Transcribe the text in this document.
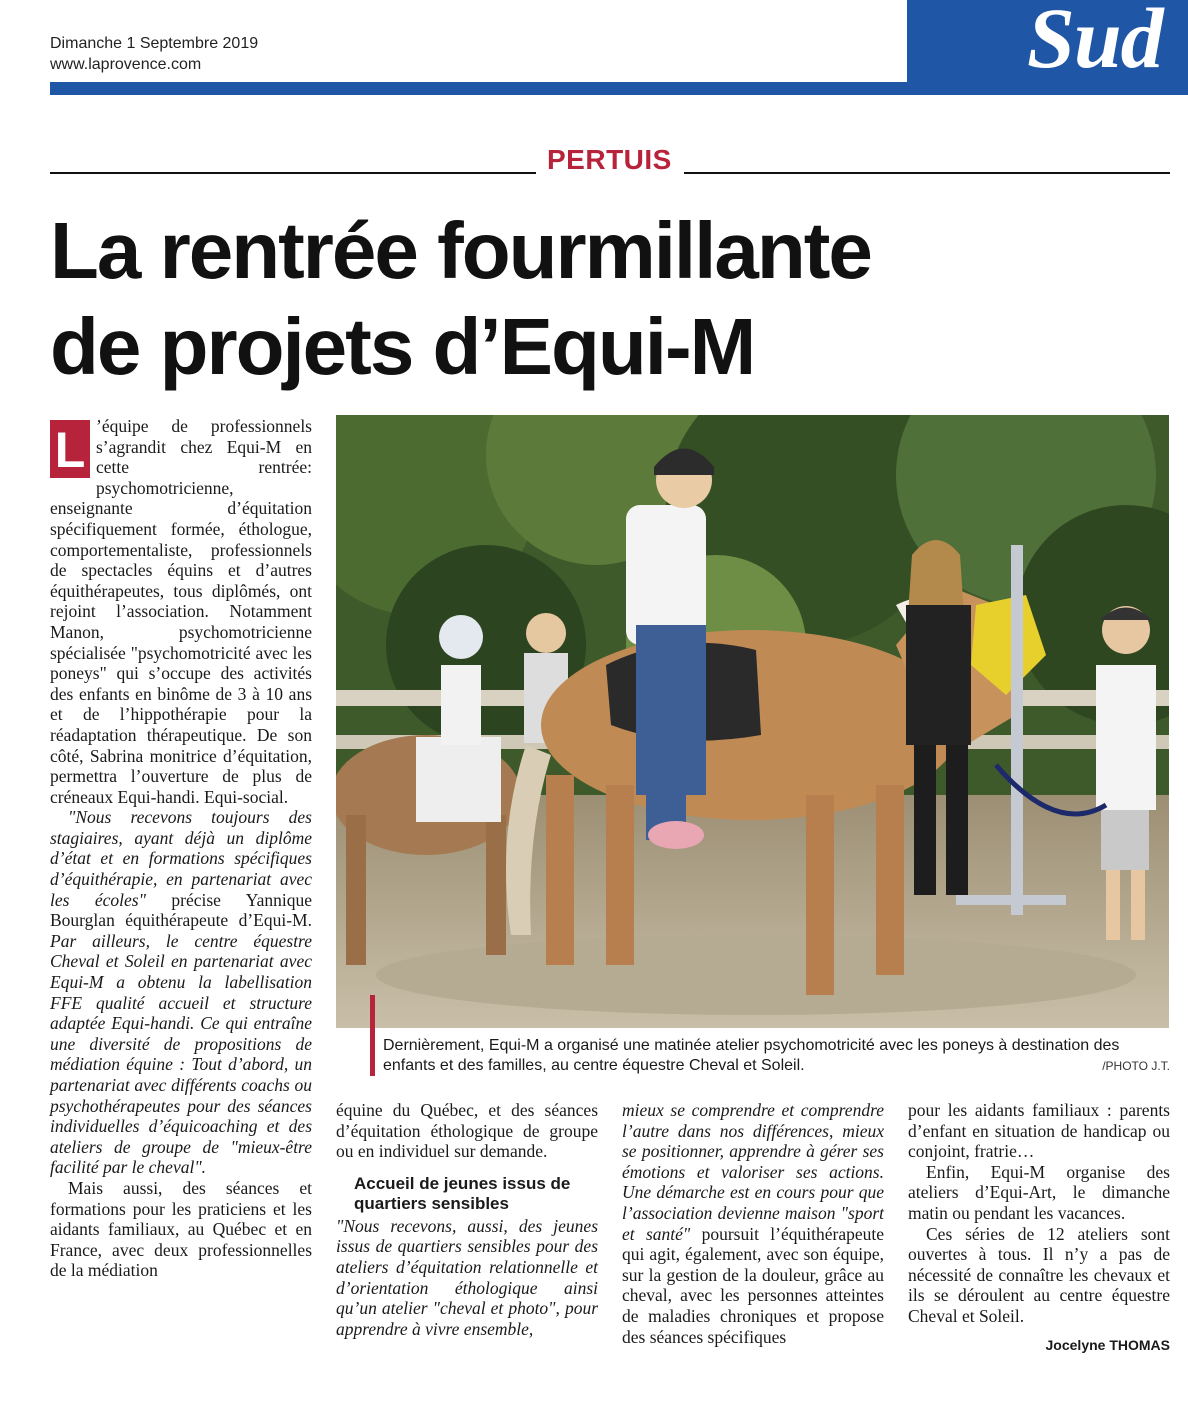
Dimanche 1 Septembre 2019
www.laprovence.com	Sud
PERTUIS
La rentrée fourmillante
de projets d’Equi-M

L ’équipe de professionnels s’agrandit chez Equi-M en cette rentrée: psychomotricienne, enseignante d’équitation spécifiquement formée, éthologue, comportementaliste, professionnels de spectacles équins et d’autres équithérapeutes, tous diplômés, ont rejoint l’association. Notamment Manon, psychomotricienne spécialisée "psychomotricité avec les poneys" qui s’occupe des activités des enfants en binôme de 3 à 10 ans et de l’hippothérapie pour la réadaptation thérapeutique. De son côté, Sabrina monitrice d’équitation, permettra l’ouverture de plus de créneaux Equi-handi. Equi-social.

"Nous recevons toujours des stagiaires, ayant déjà un diplôme d’état et en formations spécifiques d’équithérapie, en partenariat avec les écoles" précise Yannique Bourglan équithérapeute d’Equi-M. Par ailleurs, le centre équestre Cheval et Soleil en partenariat avec Equi-M a obtenu la labellisation FFE qualité accueil et structure adaptée Equi-handi. Ce qui entraîne une diversité de propositions de médiation équine : Tout d’abord, un partenariat avec différents coachs ou psychothérapeutes pour des séances individuelles d’équicoaching et des ateliers de groupe de "mieux-être facilité par le cheval".

Mais aussi, des séances et formations pour les praticiens et les aidants familiaux, au Québec et en France, avec deux professionnelles de la médiation

Dernièrement, Equi-M a organisé une matinée atelier psychomotricité avec les poneys à destination des enfants et des familles, au centre équestre Cheval et Soleil.	/PHOTO J.T.

équine du Québec, et des séances d’équitation éthologique de groupe ou en individuel sur demande.

Accueil de jeunes issus de quartiers sensibles

"Nous recevons, aussi, des jeunes issus de quartiers sensibles pour des ateliers d’équitation relationnelle et d’orientation éthologique ainsi qu’un atelier "cheval et photo", pour apprendre à vivre ensemble,

mieux se comprendre et comprendre l’autre dans nos différences, mieux se positionner, apprendre à gérer ses émotions et valoriser ses actions. Une démarche est en cours pour que l’association devienne maison "sport et santé" poursuit l’équithérapeute qui agit, également, avec son équipe, sur la gestion de la douleur, grâce au cheval, avec les personnes atteintes de maladies chroniques et propose des séances spécifiques

pour les aidants familiaux : parents d’enfant en situation de handicap ou conjoint, fratrie…

Enfin, Equi-M organise des ateliers d’Equi-Art, le dimanche matin ou pendant les vacances.

Ces séries de 12 ateliers sont ouvertes à tous. Il n’y a pas de nécessité de connaître les chevaux et ils se déroulent au centre équestre Cheval et Soleil.

Jocelyne THOMAS
